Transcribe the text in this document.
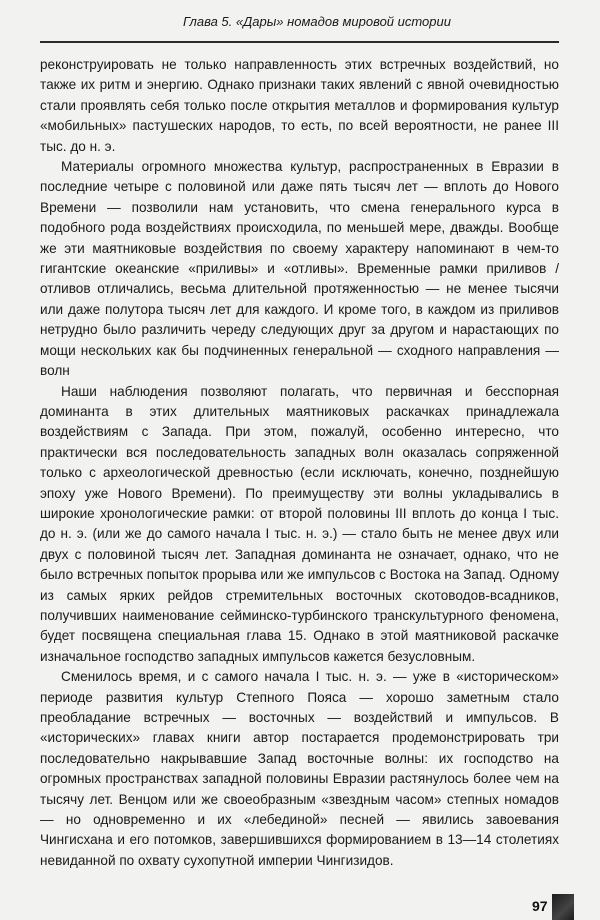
Глава 5. «Дары» номадов мировой истории

реконструировать не только направленность этих встречных воздействий, но также их ритм и энергию. Однако признаки таких явлений с явной очевидностью стали проявлять себя только после открытия металлов и формирования культур «мобильных» пастушеских народов, то есть, по всей вероятности, не ранее III тыс. до н. э.

Материалы огромного множества культур, распространенных в Евразии в последние четыре с половиной или даже пять тысяч лет — вплоть до Нового Времени — позволили нам установить, что смена генерального курса в подобного рода воздействиях происходила, по меньшей мере, дважды. Вообще же эти маятниковые воздействия по своему характеру напоминают в чем-то гигантские океанские «приливы» и «отливы». Временные рамки приливов / отливов отличались, весьма длительной протяженностью — не менее тысячи или даже полутора тысяч лет для каждого. И кроме того, в каждом из приливов нетрудно было различить череду следующих друг за другом и нарастающих по мощи нескольких как бы подчиненных генеральной — сходного направления — волн

Наши наблюдения позволяют полагать, что первичная и бесспорная доминанта в этих длительных маятниковых раскачках принадлежала воздействиям с Запада. При этом, пожалуй, особенно интересно, что практически вся последовательность западных волн оказалась сопряженной только с археологической древностью (если исключать, конечно, позднейшую эпоху уже Нового Времени). По преимуществу эти волны укладывались в широкие хронологические рамки: от второй половины III вплоть до конца I тыс. до н. э. (или же до самого начала I тыс. н. э.) — стало быть не менее двух или двух с половиной тысяч лет. Западная доминанта не означает, однако, что не было встречных попыток прорыва или же импульсов с Востока на Запад. Одному из самых ярких рейдов стремительных восточных скотоводов-всадников, получивших наименование сейминско-турбинского транскультурного феномена, будет посвящена специальная глава 15. Однако в этой маятниковой раскачке изначальное господство западных импульсов кажется безусловным.

Сменилось время, и с самого начала I тыс. н. э. — уже в «историческом» периоде развития культур Степного Пояса — хорошо заметным стало преобладание встречных — восточных — воздействий и импульсов. В «исторических» главах книги автор постарается продемонстрировать три последовательно накрывавшие Запад восточные волны: их господство на огромных пространствах западной половины Евразии растянулось более чем на тысячу лет. Венцом или же своеобразным «звездным часом» степных номадов — но одновременно и их «лебединой» песней — явились завоевания Чингисхана и его потомков, завершившихся формированием в 13—14 столетиях невиданной по охвату сухопутной империи Чингизидов.

97
